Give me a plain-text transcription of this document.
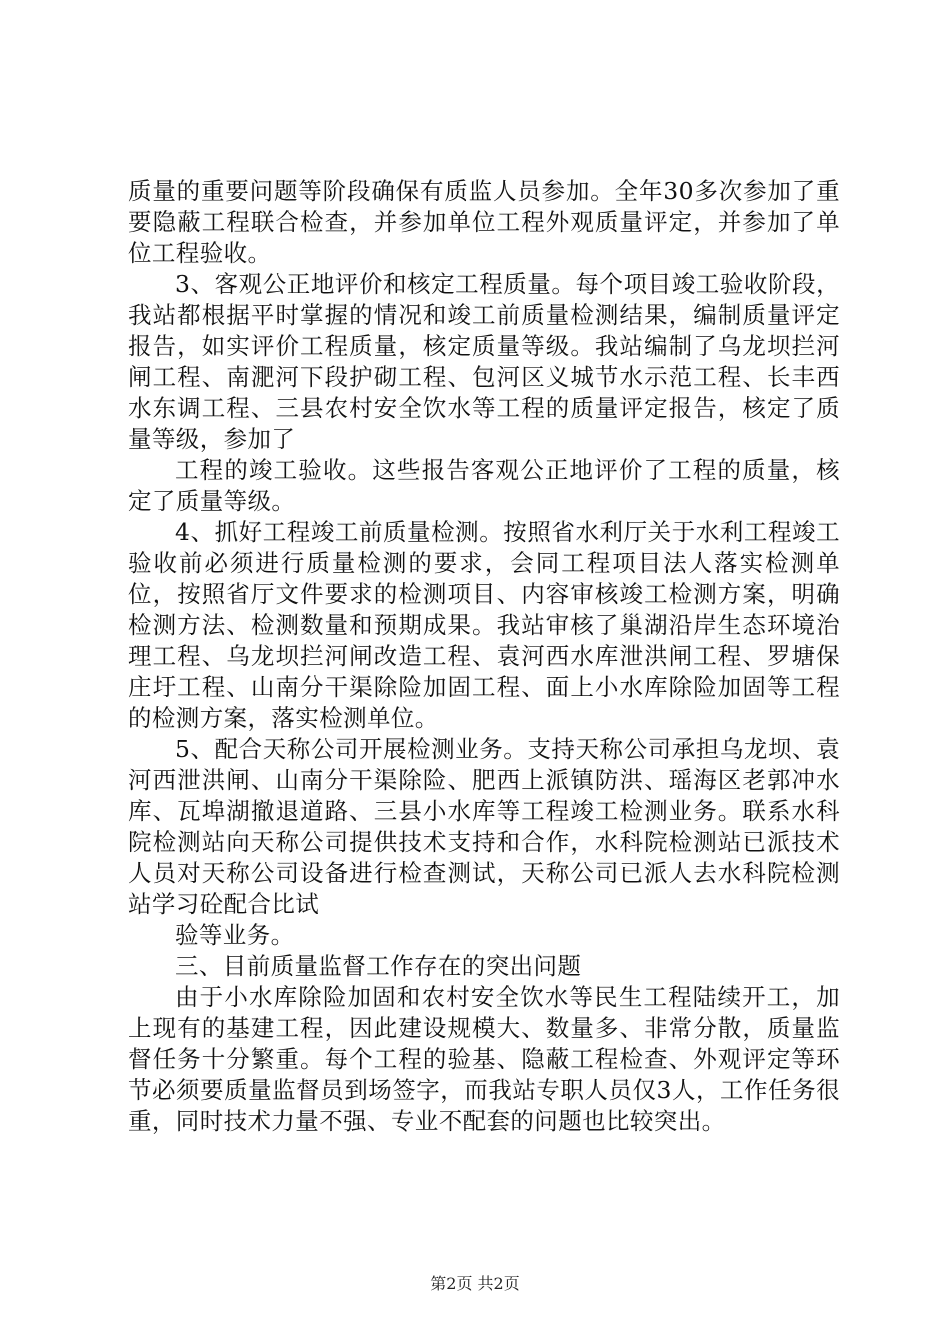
质量的重要问题等阶段确保有质监人员参加。全年30多次参加了重要隐蔽工程联合检查，并参加单位工程外观质量评定，并参加了单位工程验收。

3、客观公正地评价和核定工程质量。每个项目竣工验收阶段，我站都根据平时掌握的情况和竣工前质量检测结果，编制质量评定报告，如实评价工程质量，核定质量等级。我站编制了乌龙坝拦河闸工程、南淝河下段护砌工程、包河区义城节水示范工程、长丰西水东调工程、三县农村安全饮水等工程的质量评定报告，核定了质量等级，参加了

工程的竣工验收。这些报告客观公正地评价了工程的质量，核定了质量等级。

4、抓好工程竣工前质量检测。按照省水利厅关于水利工程竣工验收前必须进行质量检测的要求，会同工程项目法人落实检测单位，按照省厅文件要求的检测项目、内容审核竣工检测方案，明确检测方法、检测数量和预期成果。我站审核了巢湖沿岸生态环境治理工程、乌龙坝拦河闸改造工程、袁河西水库泄洪闸工程、罗塘保庄圩工程、山南分干渠除险加固工程、面上小水库除险加固等工程的检测方案，落实检测单位。

5、配合天称公司开展检测业务。支持天称公司承担乌龙坝、袁河西泄洪闸、山南分干渠除险、肥西上派镇防洪、瑶海区老郭冲水库、瓦埠湖撤退道路、三县小水库等工程竣工检测业务。联系水科院检测站向天称公司提供技术支持和合作，水科院检测站已派技术人员对天称公司设备进行检查测试，天称公司已派人去水科院检测站学习砼配合比试

验等业务。

三、目前质量监督工作存在的突出问题

由于小水库除险加固和农村安全饮水等民生工程陆续开工，加上现有的基建工程，因此建设规模大、数量多、非常分散，质量监督任务十分繁重。每个工程的验基、隐蔽工程检查、外观评定等环节必须要质量监督员到场签字，而我站专职人员仅3人，工作任务很重，同时技术力量不强、专业不配套的问题也比较突出。

第2页 共2页
